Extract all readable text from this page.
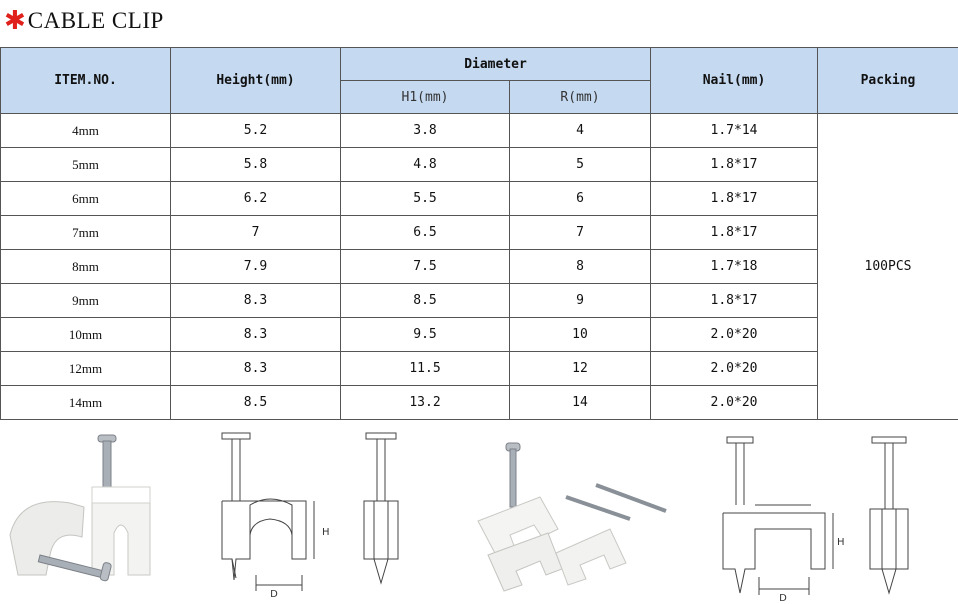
✱ CABLE CLIP
ITEM.NO.	Height(mm)	Diameter		Nail(mm)	Packing
		H1(mm)	R(mm)		
4mm	5.2	3.8	4	1.7*14	100PCS
5mm	5.8	4.8	5	1.8*17	
6mm	6.2	5.5	6	1.8*17	
7mm	7	6.5	7	1.8*17	
8mm	7.9	7.5	8	1.7*18	
9mm	8.3	8.5	9	1.8*17	
10mm	8.3	9.5	10	2.0*20	
12mm	8.3	11.5	12	2.0*20	
14mm	8.5	13.2	14	2.0*20	
D
H
D
H
